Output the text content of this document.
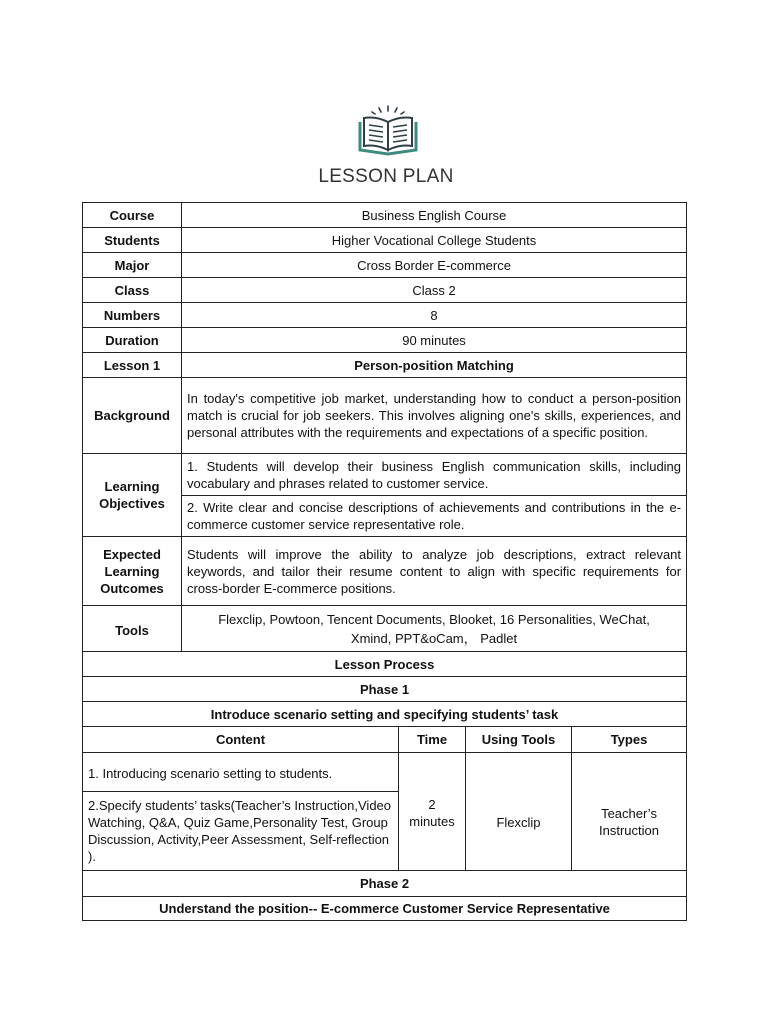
LESSON PLAN
Course	Business English Course			
Students	Higher Vocational College Students			
Major	Cross Border E-commerce			
Class	Class 2			
Numbers	8			
Duration	90 minutes			
Lesson 1	Person-position Matching			
Background	In today's competitive job market, understanding how to conduct a person-position match is crucial for job seekers. This involves aligning one's skills, experiences, and personal attributes with the requirements and expectations of a specific position.			
Learning Objectives	1. Students will develop their business English communication skills, including vocabulary and phrases related to customer service.			
	2. Write clear and concise descriptions of achievements and contributions in the e-commerce customer service representative role.			
Expected Learning Outcomes	Students will improve the ability to analyze job descriptions, extract relevant keywords, and tailor their resume content to align with specific requirements for cross-border E-commerce positions.			
Tools	Flexclip, Powtoon, Tencent Documents, Blooket, 16 Personalities, WeChat,
Xmind, PPT&oCam， Padlet			

Lesson Process				
Phase 1				
Introduce scenario setting and specifying students’ task				
Content		Time	Using Tools	Types
1. Introducing scenario setting to students.		2 minutes	Flexclip	Teacher’s Instruction
2.Specify students’ tasks(Teacher’s Instruction,Video Watching, Q&A, Quiz Game,Personality Test, Group Discussion, Activity,Peer Assessment, Self-reflection ).				
Phase 2				
Understand the position-- E-commerce Customer Service Representative				
